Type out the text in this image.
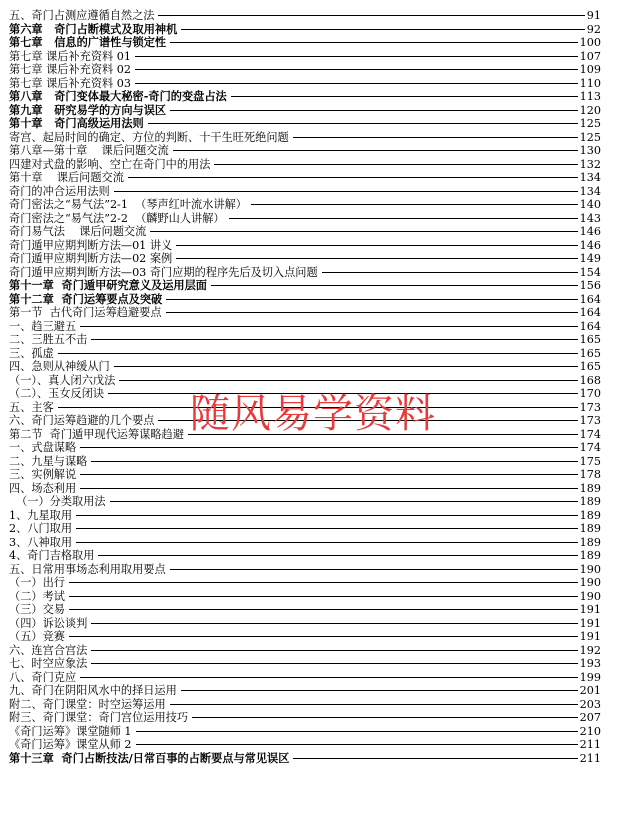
五、奇门占测应遵循自然之法	91
第六章   奇门占断模式及取用神机	92
第七章   信息的广谱性与锁定性	100
第七章 课后补充资料 01	107
第七章 课后补充资料 02	109
第七章 课后补充资料 03	110
第八章   奇门变体最大秘密-奇门的变盘占法	113
第九章   研究易学的方向与误区	120
第十章   奇门高级运用法则	125
寄宫、起局时间的确定、方位的判断、十干生旺死绝问题	125
第八章—第十章    课后问题交流	130
四建对式盘的影响、空亡在奇门中的用法	132
第十章    课后问题交流	134
奇门的冲合运用法则	134
奇门密法之“易气法”2-1  （琴声红叶流水讲解）	140
奇门密法之“易气法”2-2  （麟野山人讲解）	143
奇门易气法    课后问题交流	146
奇门遁甲应期判断方法—01 讲义	146
奇门遁甲应期判断方法—02 案例	149
奇门遁甲应期判断方法—03 奇门应期的程序先后及切入点问题	154
第十一章  奇门遁甲研究意义及运用层面	156
第十二章  奇门运筹要点及突破	164
第一节  古代奇门运筹趋避要点	164
一、趋三避五	164
二、三胜五不击	165
三、孤虚	165
四、急则从神缓从门	165
（一）、真人闭六戊法	168
（二）、玉女反闭诀	170
五、主客	173
六、奇门运筹趋避的几个要点	173
第二节  奇门遁甲现代运筹谋略趋避	174
一、式盘谋略	174
二、九星与谋略	175
三、实例解说	178
四、场态利用	189
（一）分类取用法	189
1、九星取用	189
2、八门取用	189
3、八神取用	189
4、奇门吉格取用	189
五、日常用事场态利用取用要点	190
（一）出行	190
（二）考试	190
（三）交易	191
（四）诉讼谈判	191
（五）竞赛	191
六、连宫合宫法	192
七、时空应象法	193
八、奇门克应	199
九、奇门在阴阳风水中的择日运用	201
附二、奇门课堂：时空运筹运用	203
附三、奇门课堂：奇门宫位运用技巧	207
《奇门运筹》课堂随师 1	210
《奇门运筹》课堂从师 2	211
第十三章  奇门占断技法/日常百事的占断要点与常见误区	211
随风易学资料
